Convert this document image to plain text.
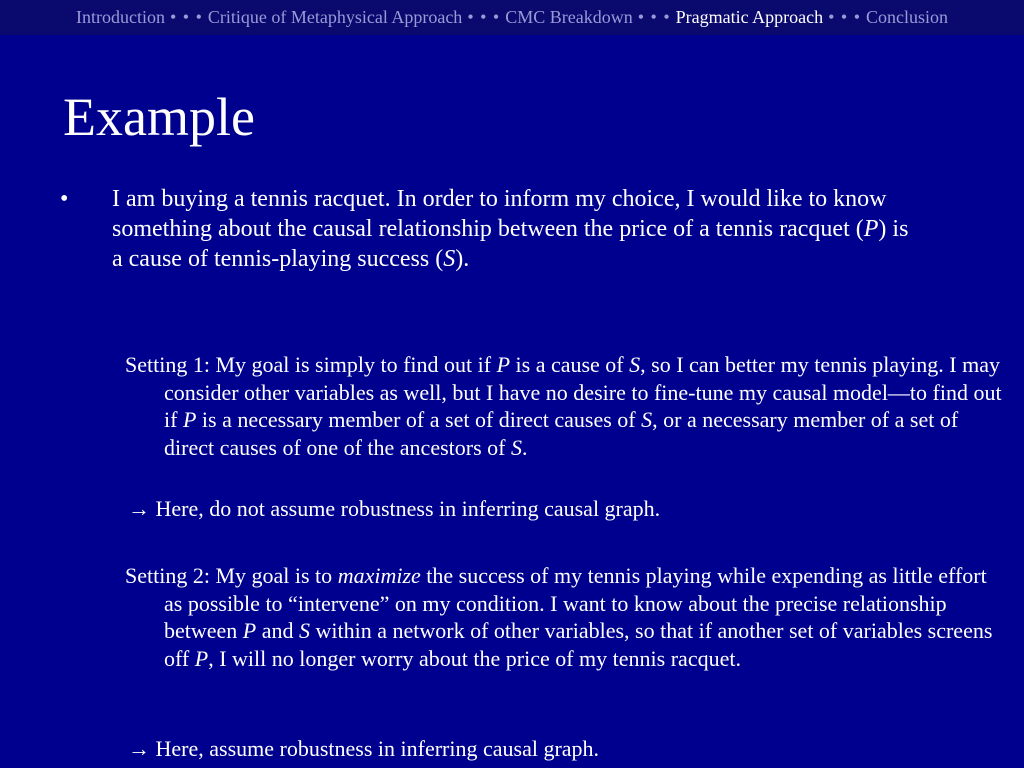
Introduction • • • Critique of Metaphysical Approach • • • CMC Breakdown • • • Pragmatic Approach • • • Conclusion
Example
• I am buying a tennis racquet. In order to inform my choice, I would like to know something about the causal relationship between the price of a tennis racquet (P) is a cause of tennis-playing success (S).
Setting 1: My goal is simply to find out if P is a cause of S, so I can better my tennis playing. I may consider other variables as well, but I have no desire to fine-tune my causal model—to find out if P is a necessary member of a set of direct causes of S, or a necessary member of a set of direct causes of one of the ancestors of S.
→ Here, do not assume robustness in inferring causal graph.
Setting 2: My goal is to maximize the success of my tennis playing while expending as little effort as possible to “intervene” on my condition. I want to know about the precise relationship between P and S within a network of other variables, so that if another set of variables screens off P, I will no longer worry about the price of my tennis racquet.
→ Here, assume robustness in inferring causal graph.
